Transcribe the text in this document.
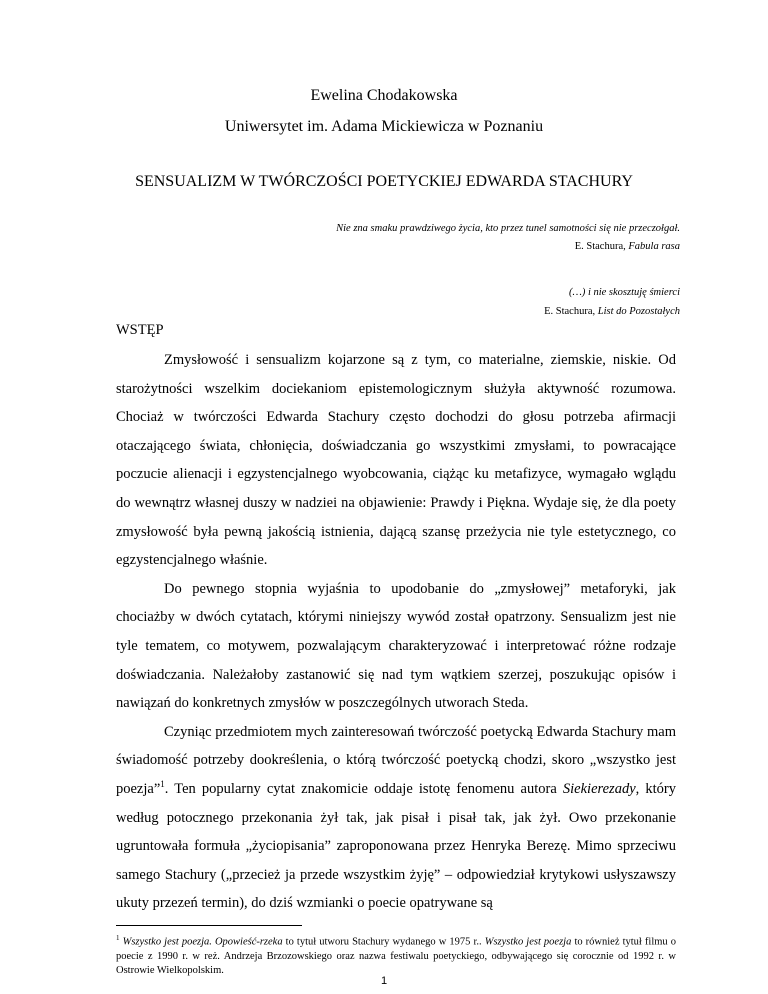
Ewelina Chodakowska
Uniwersytet im. Adama Mickiewicza w Poznaniu
SENSUALIZM W TWÓRCZOŚCI POETYCKIEJ EDWARDA STACHURY
Nie zna smaku prawdziwego życia, kto przez tunel samotności się nie przeczołgał.
E. Stachura, Fabula rasa
(…) i nie skosztuję śmierci
E. Stachura, List do Pozostałych
WSTĘP

Zmysłowość i sensualizm kojarzone są z tym, co materialne, ziemskie, niskie. Od starożytności wszelkim dociekaniom epistemologicznym służyła aktywność rozumowa. Chociaż w twórczości Edwarda Stachury często dochodzi do głosu potrzeba afirmacji otaczającego świata, chłonięcia, doświadczania go wszystkimi zmysłami, to powracające poczucie alienacji i egzystencjalnego wyobcowania, ciążąc ku metafizyce, wymagało wglądu do wewnątrz własnej duszy w nadziei na objawienie: Prawdy i Piękna. Wydaje się, że dla poety zmysłowość była pewną jakością istnienia, dającą szansę przeżycia nie tyle estetycznego, co egzystencjalnego właśnie.

Do pewnego stopnia wyjaśnia to upodobanie do „zmysłowej” metaforyki, jak chociażby w dwóch cytatach, którymi niniejszy wywód został opatrzony. Sensualizm jest nie tyle tematem, co motywem, pozwalającym charakteryzować i interpretować różne rodzaje doświadczania. Należałoby zastanowić się nad tym wątkiem szerzej, poszukując opisów i nawiązań do konkretnych zmysłów w poszczególnych utworach Steda.

Czyniąc przedmiotem mych zainteresowań twórczość poetycką Edwarda Stachury mam świadomość potrzeby dookreślenia, o którą twórczość poetycką chodzi, skoro „wszystko jest poezja”$^1$. Ten popularny cytat znakomicie oddaje istotę fenomenu autora Siekierezady, który według potocznego przekonania żył tak, jak pisał i pisał tak, jak żył. Owo przekonanie ugruntowała formuła „życiopisania” zaproponowana przez Henryka Berezę. Mimo sprzeciwu samego Stachury („przecież ja przede wszystkim żyję” – odpowiedział krytykowi usłyszawszy ukuty przezeń termin), do dziś wzmianki o poecie opatrywane są

$^1$ Wszystko jest poezja. Opowieść-rzeka to tytuł utworu Stachury wydanego w 1975 r.. Wszystko jest poezja to również tytuł filmu o poecie z 1990 r. w reż. Andrzeja Brzozowskiego oraz nazwa festiwalu poetyckiego, odbywającego się corocznie od 1992 r. w Ostrowie Wielkopolskim.
1
